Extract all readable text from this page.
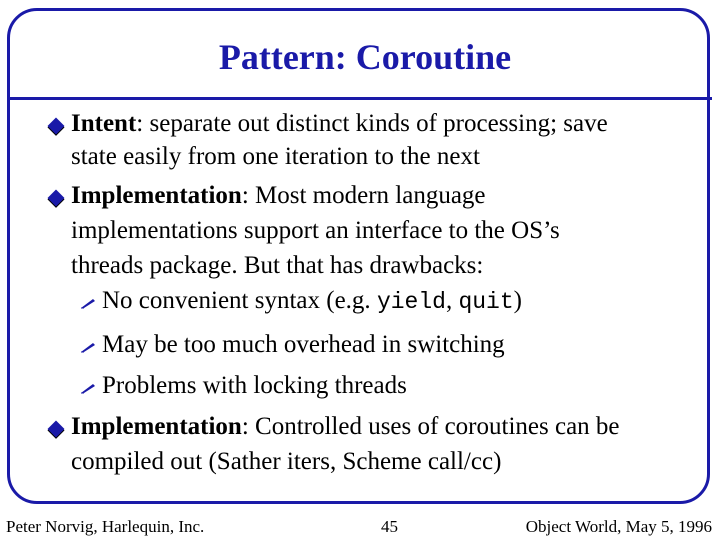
Pattern: Coroutine
Intent: separate out distinct kinds of processing; save
state easily from one iteration to the next
Implementation: Most modern language
implementations support an interface to the OS’s
threads package. But that has drawbacks:
No convenient syntax (e.g. yield, quit)
May be too much overhead in switching
Problems with locking threads
Implementation: Controlled uses of coroutines can be
compiled out (Sather iters, Scheme call/cc)
Peter Norvig, Harlequin, Inc.	45	Object World, May 5, 1996
